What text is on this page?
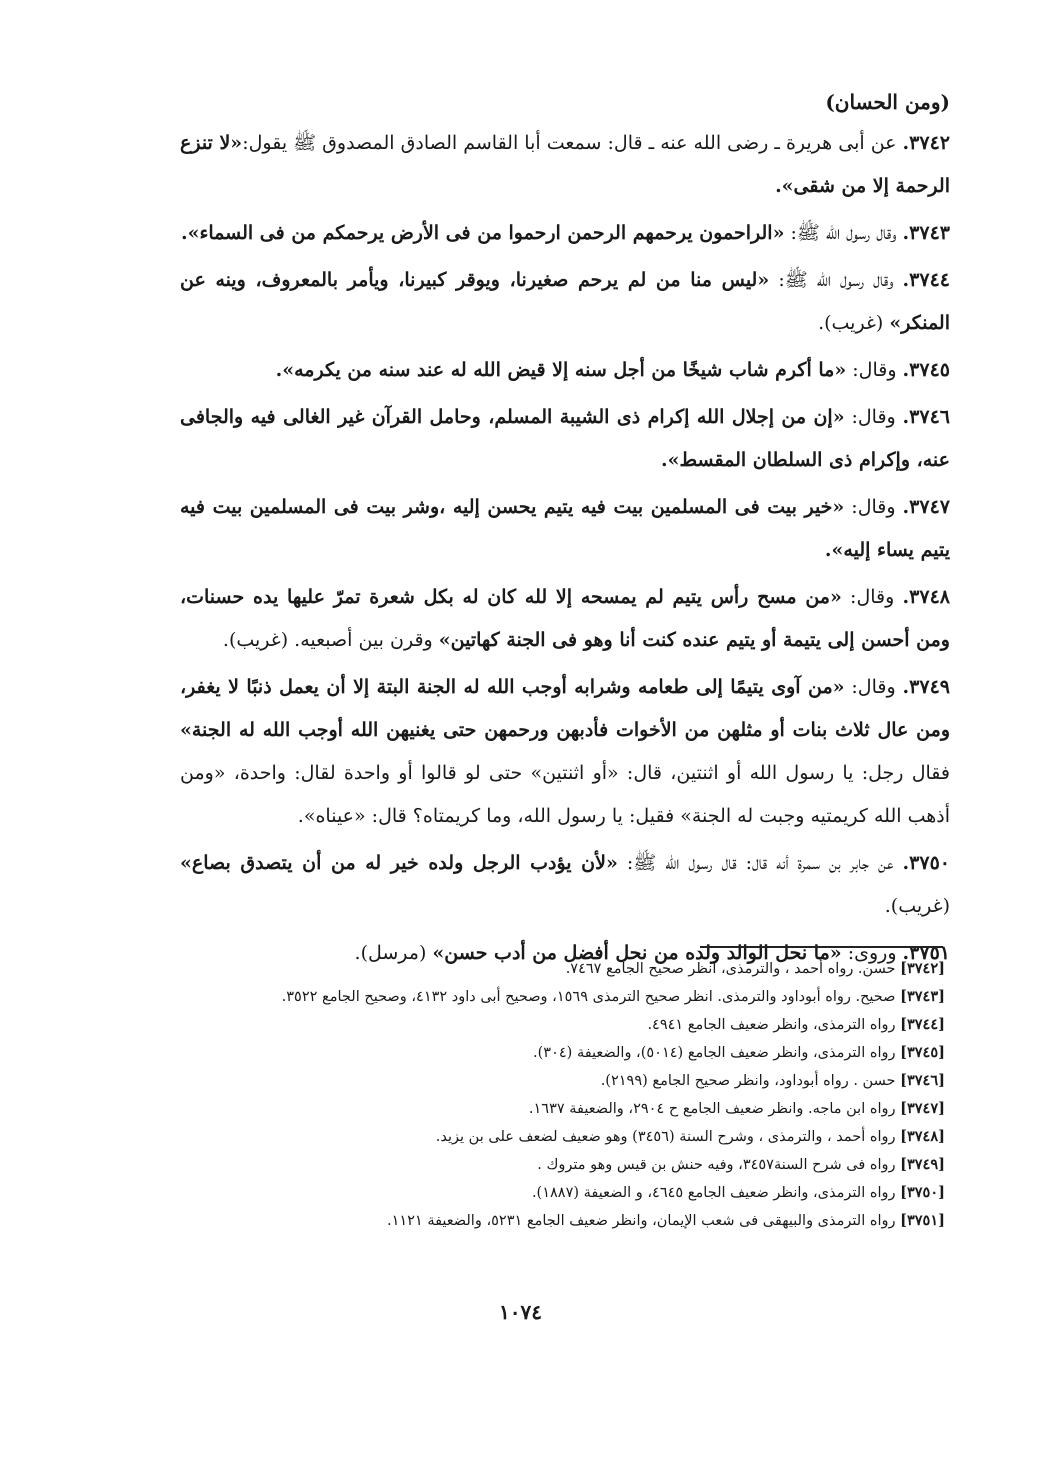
(ومن الحسان)

٣٧٤٢. عن أبى هريرة ـ رضى الله عنه ـ قال: سمعت أبا القاسم الصادق المصدوق ﷺ يقول:«لا تنزع الرحمة إلا من شقى».

٣٧٤٣. وقال رسول الله ﷺ: «الراحمون يرحمهم الرحمن ارحموا من فى الأرض يرحمكم من فى السماء».

٣٧٤٤. وقال رسول الله ﷺ: «ليس منا من لم يرحم صغيرنا، ويوقر كبيرنا، ويأمر بالمعروف، وينه عن المنكر» (غريب).

٣٧٤٥. وقال: «ما أكرم شاب شيخًا من أجل سنه إلا قيض الله له عند سنه من يكرمه».

٣٧٤٦. وقال: «إن من إجلال الله إكرام ذى الشيبة المسلم، وحامل القرآن غير الغالى فيه والجافى عنه، وإكرام ذى السلطان المقسط».

٣٧٤٧. وقال: «خير بيت فى المسلمين بيت فيه يتيم يحسن إليه ،وشر بيت فى المسلمين بيت فيه يتيم يساء إليه».

٣٧٤٨. وقال: «من مسح رأس يتيم لم يمسحه إلا لله كان له بكل شعرة تمرّ عليها يده حسنات، ومن أحسن إلى يتيمة أو يتيم عنده كنت أنا وهو فى الجنة كهاتين» وقرن بين أصبعيه. (غريب).

٣٧٤٩. وقال: «من آوى يتيمًا إلى طعامه وشرابه أوجب الله له الجنة البتة إلا أن يعمل ذنبًا لا يغفر، ومن عال ثلاث بنات أو مثلهن من الأخوات فأدبهن ورحمهن حتى يغنيهن الله أوجب الله له الجنة» فقال رجل: يا رسول الله أو اثنتين، قال: «أو اثنتين» حتى لو قالوا أو واحدة لقال: واحدة، «ومن أذهب الله كريمتيه وجبت له الجنة» فقيل: يا رسول الله، وما كريمتاه؟ قال: «عيناه».

٣٧٥٠. عن جابر بن سمرة أنه قال: قال رسول الله ﷺ: «لأن يؤدب الرجل ولده خير له من أن يتصدق بصاع» (غريب).

٣٧٥١. وروى: «ما نحل الوالد ولده من نحل أفضل من أدب حسن» (مرسل).

[٣٧٤٢] حسن. رواه أحمد ، والترمذى، انظر صحيح الجامع ٧٤٦٧.

[٣٧٤٣] صحيح. رواه أبوداود والترمذى. انظر صحيح الترمذى ١٥٦٩، وصحيح أبى داود ٤١٣٢، وصحيح الجامع ٣٥٢٢.

[٣٧٤٤] رواه الترمذى، وانظر ضعيف الجامع ٤٩٤١.

[٣٧٤٥] رواه الترمذى، وانظر ضعيف الجامع (٥٠١٤)، والضعيفة (٣٠٤).

[٣٧٤٦] حسن . رواه أبوداود، وانظر صحيح الجامع (٢١٩٩).

[٣٧٤٧] رواه ابن ماجه. وانظر ضعيف الجامع ح ٢٩٠٤، والضعيفة ١٦٣٧.

[٣٧٤٨] رواه أحمد ، والترمذى ، وشرح السنة (٣٤٥٦) وهو ضعيف لضعف على بن يزيد.

[٣٧٤٩] رواه فى شرح السنة٣٤٥٧، وفيه حنش بن قيس وهو متروك .

[٣٧٥٠] رواه الترمذى، وانظر ضعيف الجامع ٤٦٤٥، و الضعيفة (١٨٨٧).

[٣٧٥١] رواه الترمذى والبيهقى فى شعب الإيمان، وانظر ضعيف الجامع ٥٢٣١، والضعيفة ١١٢١.

١٠٧٤
